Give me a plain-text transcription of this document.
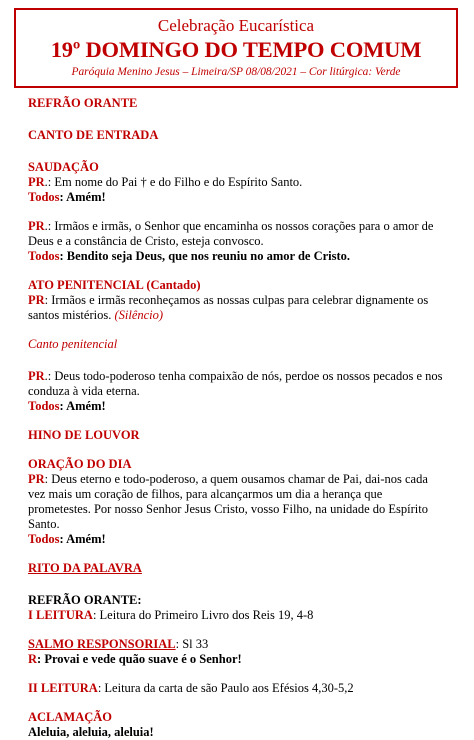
Celebração Eucarística
19º DOMINGO DO TEMPO COMUM
Paróquia Menino Jesus – Limeira/SP 08/08/2021 – Cor litúrgica: Verde
REFRÃO ORANTE
CANTO DE ENTRADA
SAUDAÇÃO
PR.: Em nome do Pai † e do Filho e do Espírito Santo.
Todos: Amém!
PR.: Irmãos e irmãs, o Senhor que encaminha os nossos corações para o amor de Deus e a constância de Cristo, esteja convosco.
Todos: Bendito seja Deus, que nos reuniu no amor de Cristo.
ATO PENITENCIAL (Cantado)
PR: Irmãos e irmãs reconheçamos as nossas culpas para celebrar dignamente os santos mistérios. (Silêncio)
Canto penitencial
PR.: Deus todo-poderoso tenha compaixão de nós, perdoe os nossos pecados e nos conduza à vida eterna.
Todos: Amém!
HINO DE LOUVOR
ORAÇÃO DO DIA
PR: Deus eterno e todo-poderoso, a quem ousamos chamar de Pai, dai-nos cada vez mais um coração de filhos, para alcançarmos um dia a herança que prometestes. Por nosso Senhor Jesus Cristo, vosso Filho, na unidade do Espírito Santo.
Todos: Amém!
RITO DA PALAVRA
REFRÃO ORANTE:
I LEITURA: Leitura do Primeiro Livro dos Reis 19, 4-8
SALMO RESPONSORIAL: Sl 33
R: Provai e vede quão suave é o Senhor!
II LEITURA: Leitura da carta de são Paulo aos Efésios 4,30-5,2
ACLAMAÇÃO
Aleluia, aleluia, aleluia!
